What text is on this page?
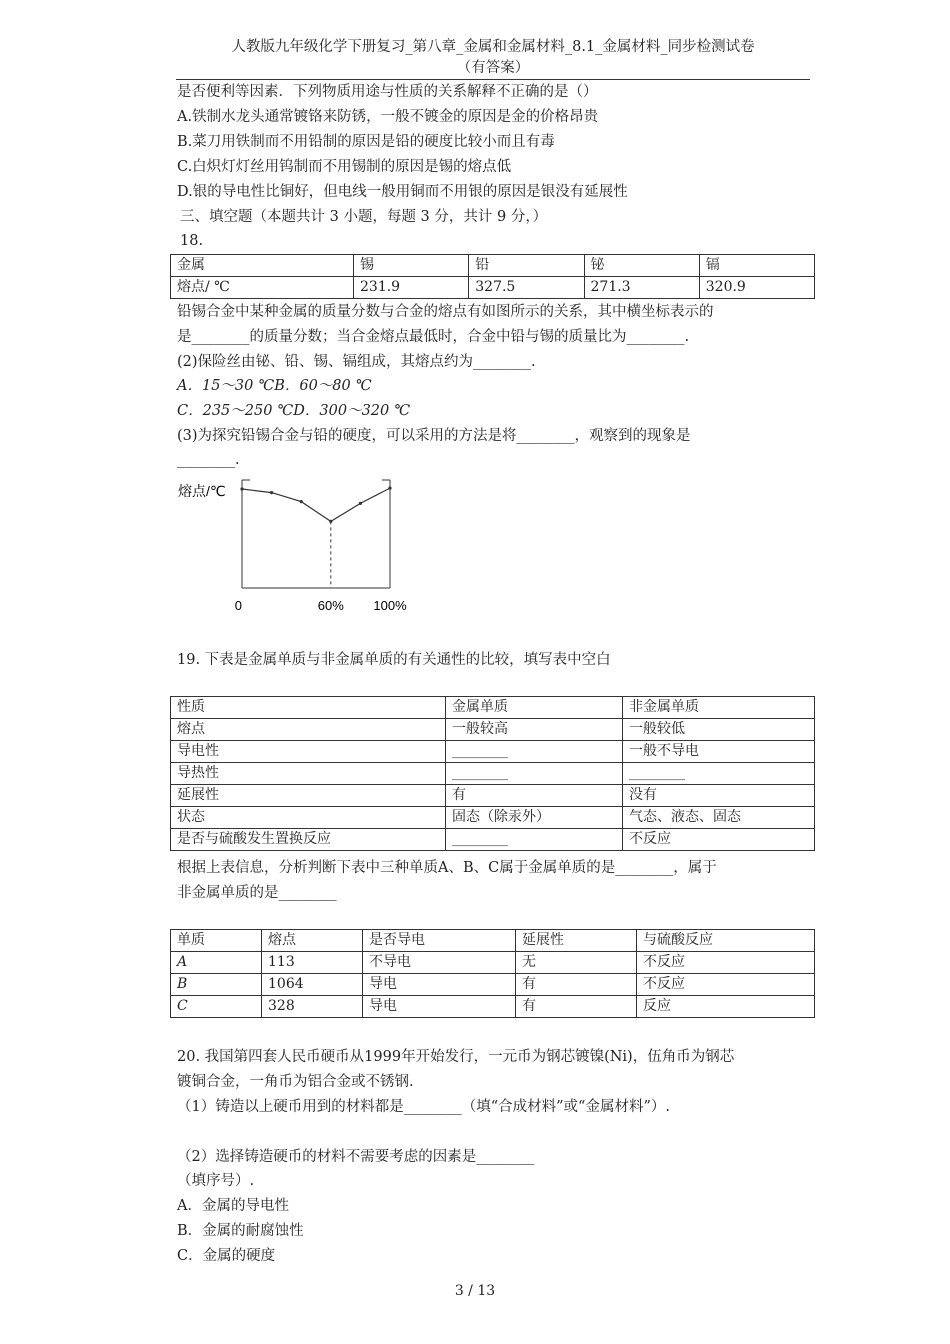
人教版九年级化学下册复习_第八章_金属和金属材料_8.1_金属材料_同步检测试卷
（有答案）
是否便利等因素．下列物质用途与性质的关系解释不正确的是（）
A.铁制水龙头通常镀铬来防锈，一般不镀金的原因是金的价格昂贵
B.菜刀用铁制而不用铅制的原因是铅的硬度比较小而且有毒
C.白炽灯灯丝用钨制而不用锡制的原因是锡的熔点低
D.银的导电性比铜好，但电线一般用铜而不用银的原因是银没有延展性
三、填空题（本题共计 3 小题，每题 3 分，共计 9 分，）
18.
金属	锡	铅	铋	镉
熔点/ ℃	231.9	327.5	271.3	320.9
铅锡合金中某种金属的质量分数与合金的熔点有如图所示的关系，其中横坐标表示的
是________的质量分数；当合金熔点最低时，合金中铅与锡的质量比为________.
(2)保险丝由铋、铅、锡、镉组成，其熔点约为________.
A．15～30 ℃B．60～80 ℃
C．235～250 ℃D．300～320 ℃
(3)为探究铅锡合金与铅的硬度，可以采用的方法是将________，观察到的现象是
________.
熔点/℃
0	60% 100%
19. 下表是金属单质与非金属单质的有关通性的比较，填写表中空白
性质	金属单质	非金属单质
熔点	一般较高	一般较低
导电性	________	一般不导电
导热性	________	________
延展性	有	没有
状态	固态（除汞外）	气态、液态、固态
是否与硫酸发生置换反应	________	不反应
根据上表信息，分析判断下表中三种单质A、B、C属于金属单质的是________，属于
非金属单质的是________
单质	熔点	是否导电	延展性	与硫酸反应
A	113	不导电	无	不反应
B	1064	导电	有	不反应
C	328	导电	有	反应
20. 我国第四套人民币硬币从1999年开始发行，一元币为钢芯镀镍(Ni)，伍角币为钢芯
镀铜合金，一角币为铝合金或不锈钢.
（1）铸造以上硬币用到的材料都是________（填“合成材料”或“金属材料”）.
（2）选择铸造硬币的材料不需要考虑的因素是________
（填序号）.
A．金属的导电性
B．金属的耐腐蚀性
C．金属的硬度
3 / 13
